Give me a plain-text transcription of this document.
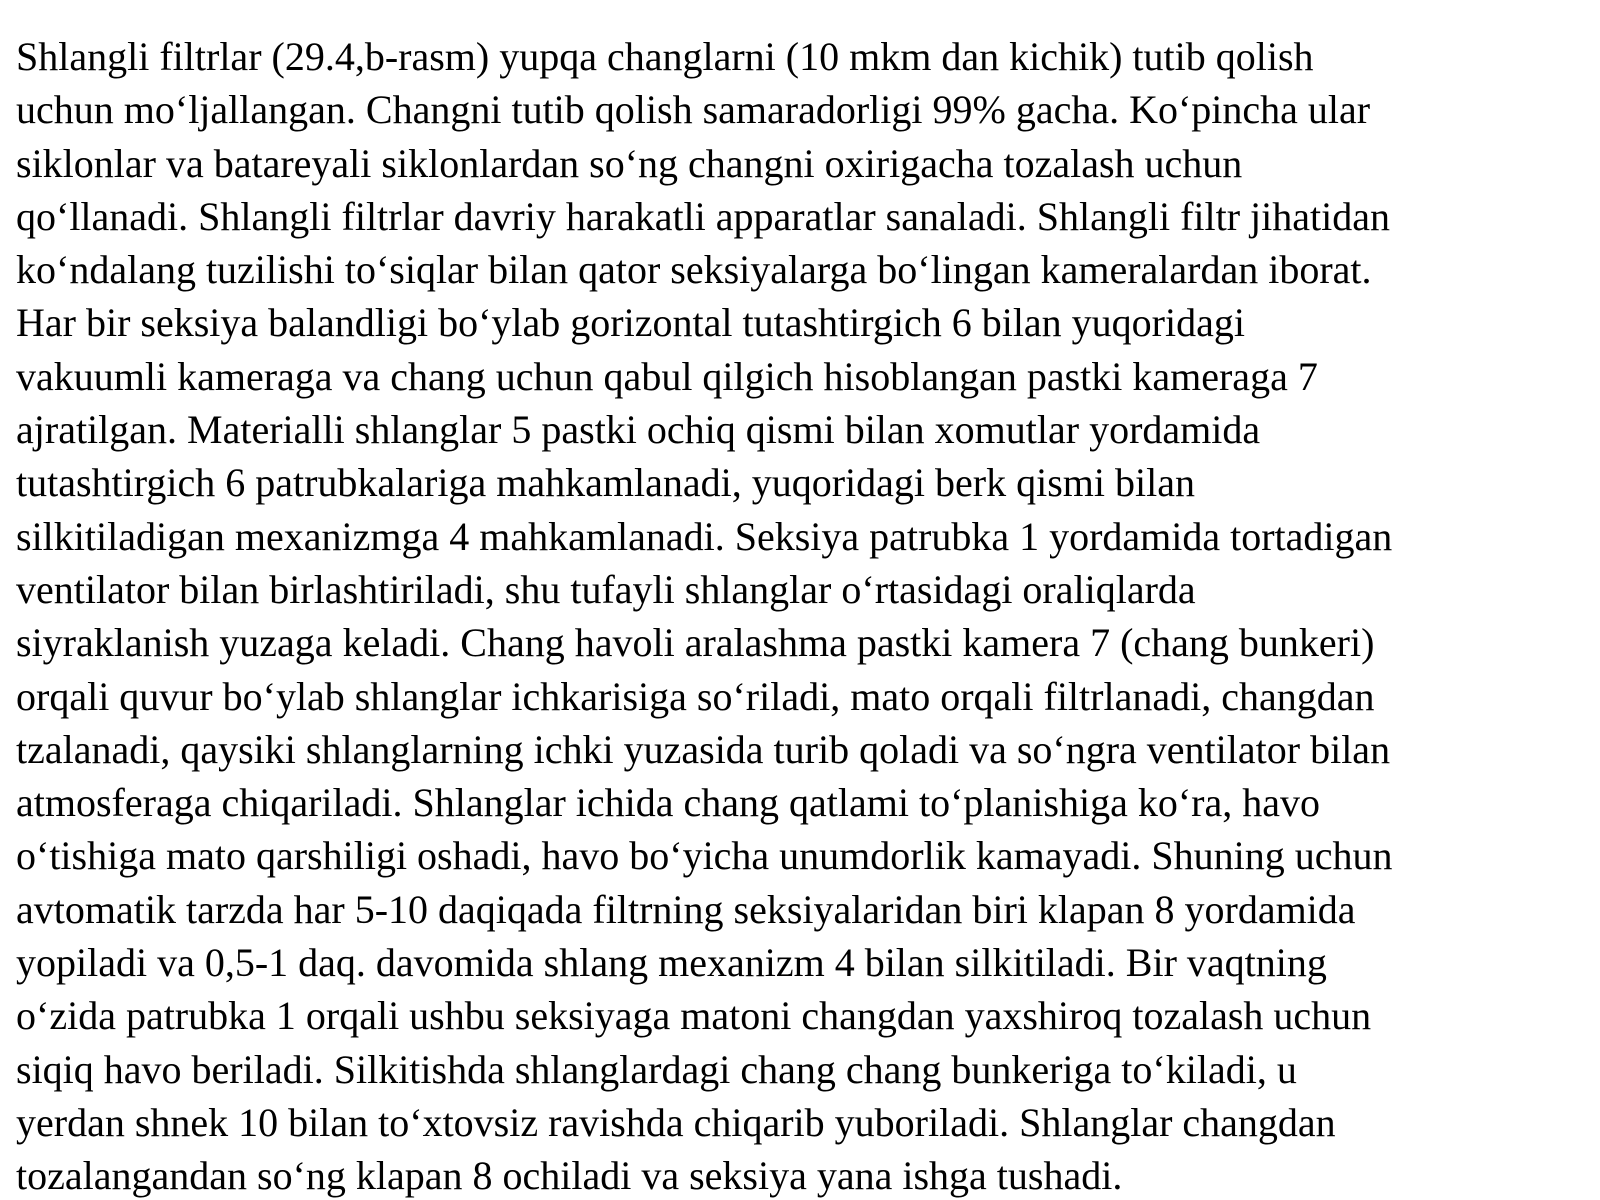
Shlangli filtrlar (29.4,b-rasm) yupqa changlarni (10 mkm dan kichik) tutib qolish
uchun mo‘ljallangan. Changni tutib qolish samaradorligi 99% gacha. Ko‘pincha ular
siklonlar va batareyali siklonlardan so‘ng changni oxirigacha tozalash uchun
qo‘llanadi. Shlangli filtrlar davriy harakatli apparatlar sanaladi. Shlangli filtr jihatidan
ko‘ndalang tuzilishi to‘siqlar bilan qator seksiyalarga bo‘lingan kameralardan iborat.
Har bir seksiya balandligi bo‘ylab gorizontal tutashtirgich 6 bilan yuqoridagi
vakuumli kameraga va chang uchun qabul qilgich hisoblangan pastki kameraga 7
ajratilgan. Materialli shlanglar 5 pastki ochiq qismi bilan xomutlar yordamida
tutashtirgich 6 patrubkalariga mahkamlanadi, yuqoridagi berk qismi bilan
silkitiladigan mexanizmga 4 mahkamlanadi. Seksiya patrubka 1 yordamida tortadigan
ventilator bilan birlashtiriladi, shu tufayli shlanglar o‘rtasidagi oraliqlarda
siyraklanish yuzaga keladi. Chang havoli aralashma pastki kamera 7 (chang bunkeri)
orqali quvur bo‘ylab shlanglar ichkarisiga so‘riladi, mato orqali filtrlanadi, changdan
tzalanadi, qaysiki shlanglarning ichki yuzasida turib qoladi va so‘ngra ventilator bilan
atmosferaga chiqariladi. Shlanglar ichida chang qatlami to‘planishiga ko‘ra, havo
o‘tishiga mato qarshiligi oshadi, havo bo‘yicha unumdorlik kamayadi. Shuning uchun
avtomatik tarzda har 5-10 daqiqada filtrning seksiyalaridan biri klapan 8 yordamida
yopiladi va 0,5-1 daq. davomida shlang mexanizm 4 bilan silkitiladi. Bir vaqtning
o‘zida patrubka 1 orqali ushbu seksiyaga matoni changdan yaxshiroq tozalash uchun
siqiq havo beriladi. Silkitishda shlanglardagi chang chang bunkeriga to‘kiladi, u
yerdan shnek 10 bilan to‘xtovsiz ravishda chiqarib yuboriladi. Shlanglar changdan
tozalangandan so‘ng klapan 8 ochiladi va seksiya yana ishga tushadi.
